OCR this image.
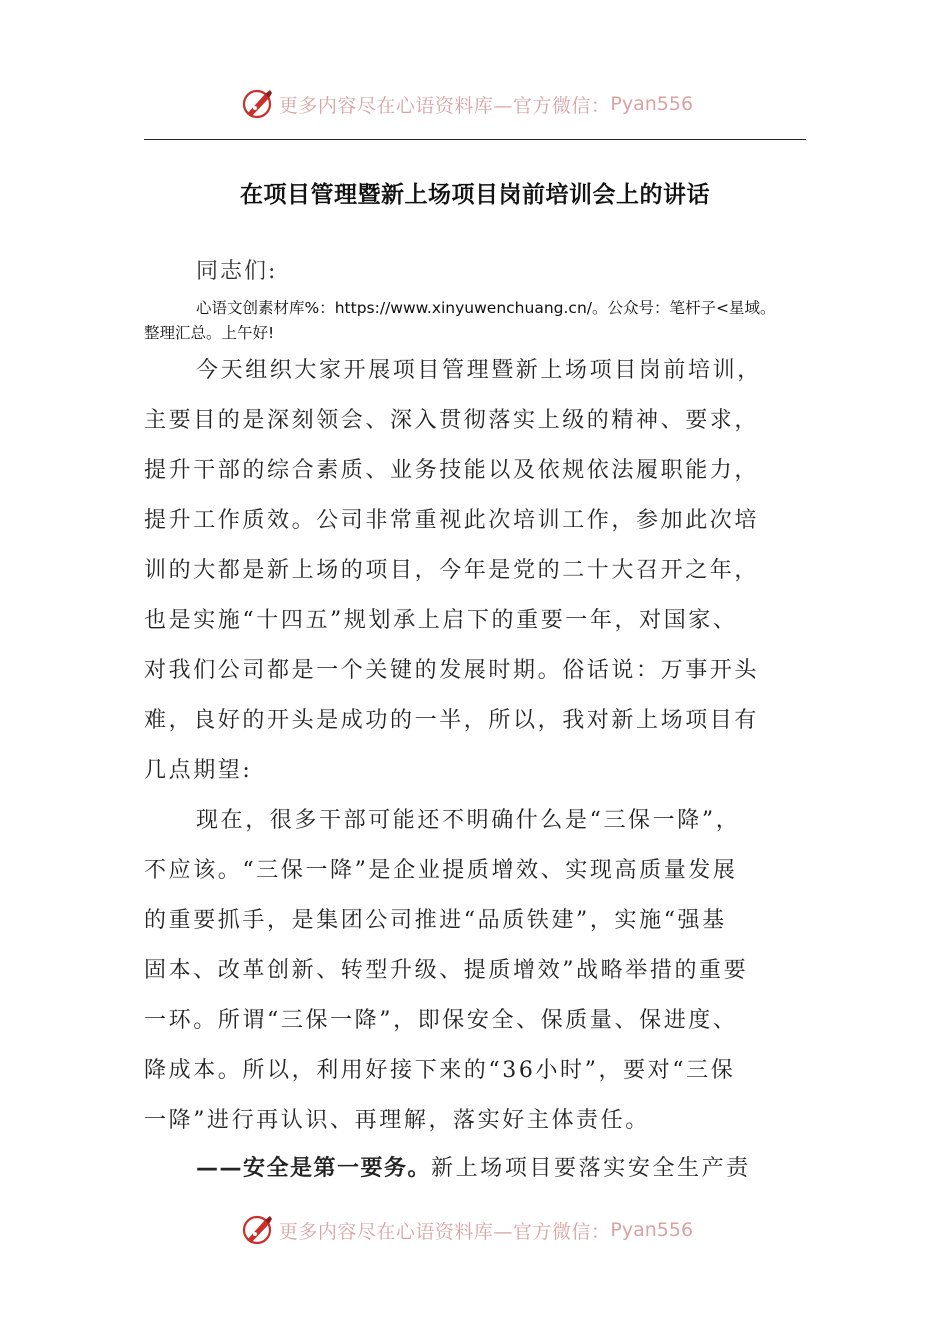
更多内容尽在心语资料库—官方微信： Pyan556
在项目管理暨新上场项目岗前培训会上的讲话
同志们:
心语文创素材库%：https://www.xinyuwenchuang.cn/。公众号：笔杆子<星域。
整理汇总。上午好!
今天组织大家开展项目管理暨新上场项目岗前培训，
主要目的是深刻领会、深入贯彻落实上级的精神、要求，
提升干部的综合素质、业务技能以及依规依法履职能力，
提升工作质效。公司非常重视此次培训工作，参加此次培
训的大都是新上场的项目，今年是党的二十大召开之年，
也是实施“十四五”规划承上启下的重要一年，对国家、
对我们公司都是一个关键的发展时期。俗话说：万事开头
难，良好的开头是成功的一半，所以，我对新上场项目有
几点期望:
现在，很多干部可能还不明确什么是“三保一降”，
不应该。“三保一降”是企业提质增效、实现高质量发展
的重要抓手，是集团公司推进“品质铁建”，实施“强基
固本、改革创新、转型升级、提质增效”战略举措的重要
一环。所谓“三保一降”，即保安全、保质量、保进度、
降成本。所以，利用好接下来的“36小时”，要对“三保
一降”进行再认识、再理解，落实好主体责任。
——安全是第一要务。新上场项目要落实安全生产责
更多内容尽在心语资料库—官方微信： Pyan556
